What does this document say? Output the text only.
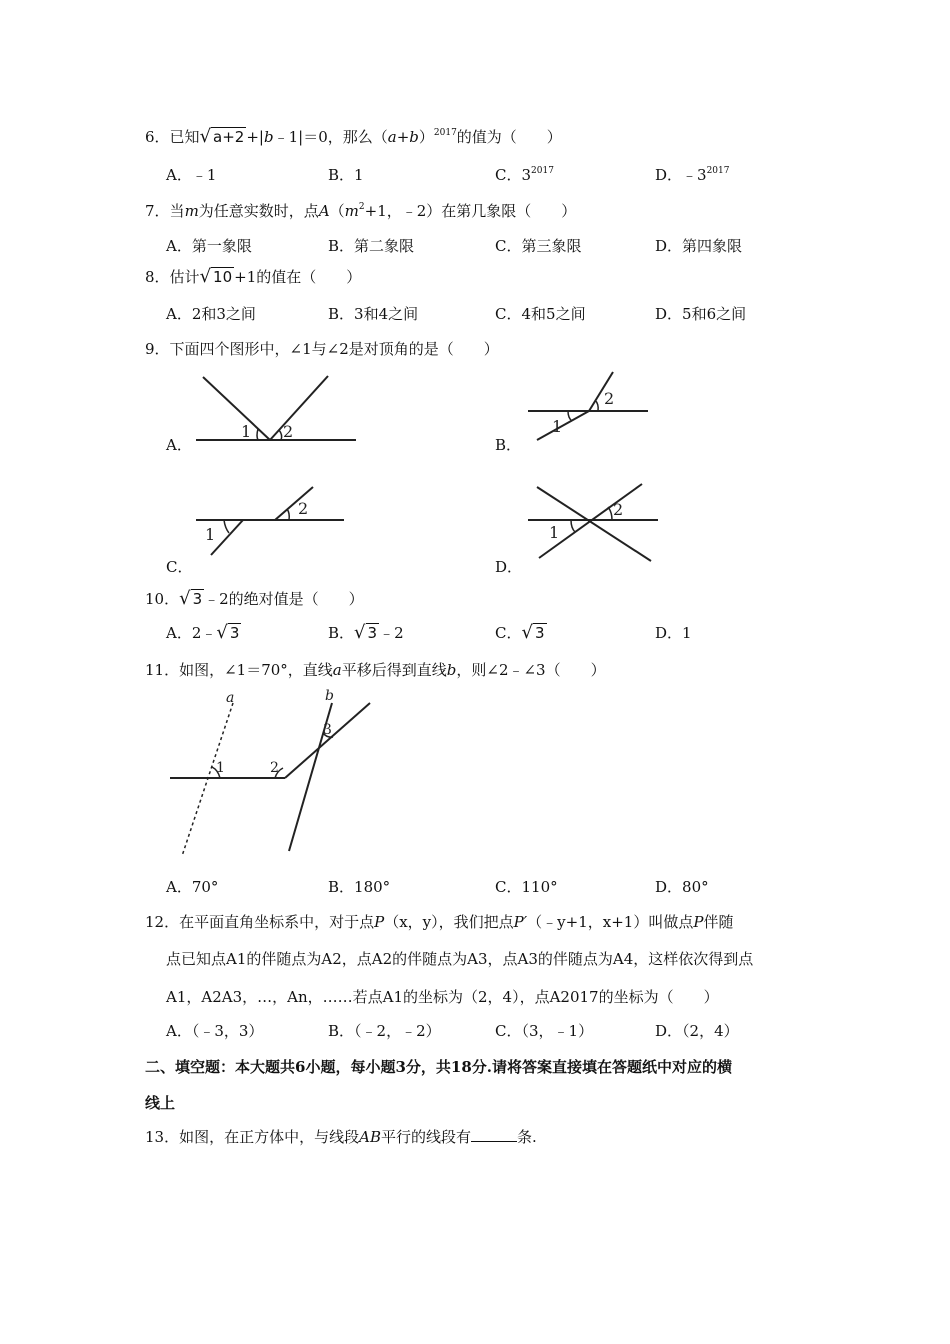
6．已知√ a+2 +|b﹣1|＝0，那么$(a+b)^{2017}$的值为（　　）
A．﹣1	B．1	C．$3^{2017}$	D．$﹣3^{2017}$
7．当m为任意实数时，点$A(m^2+1$，﹣2）在第几象限（　　）
A．第一象限	B．第二象限	C．第三象限	D．第四象限
8．估计√ 10 +1的值在（　　）
A．2和3之间	B．3和4之间	C．4和5之间	D．5和6之间
9．下面四个图形中，∠1与∠2是对顶角的是（　　）
1 2
2
1
2
1
2
1
a	b
1	2
3
A．	B．
C．	D．
10．√ 3 ﹣2的绝对值是（　　）
A．2﹣√ 3	B．√ 3 ﹣2	C．√ 3	D．1
11．如图，∠1＝70°，直线a平移后得到直线b，则∠2﹣∠3（　　）
A．70°	B．180°	C．110°	D．80°
12．在平面直角坐标系中，对于点P（x，y），我们把点P′（﹣y+1，x+1）叫做点P伴随
点已知点A1的伴随点为A2，点A2的伴随点为A3，点A3的伴随点为A4，这样依次得到点
A1，A2A3，…，An，……若点A1的坐标为（2，4），点A2017的坐标为（　　）
A．（﹣3，3）	B．（﹣2，﹣2）	C．（3，﹣1）	D．（2，4）
二、填空题：本大题共6小题，每小题3分，共18分.请将答案直接填在答题纸中对应的横
线上
13．如图，在正方体中，与线段AB平行的线段有	条.
